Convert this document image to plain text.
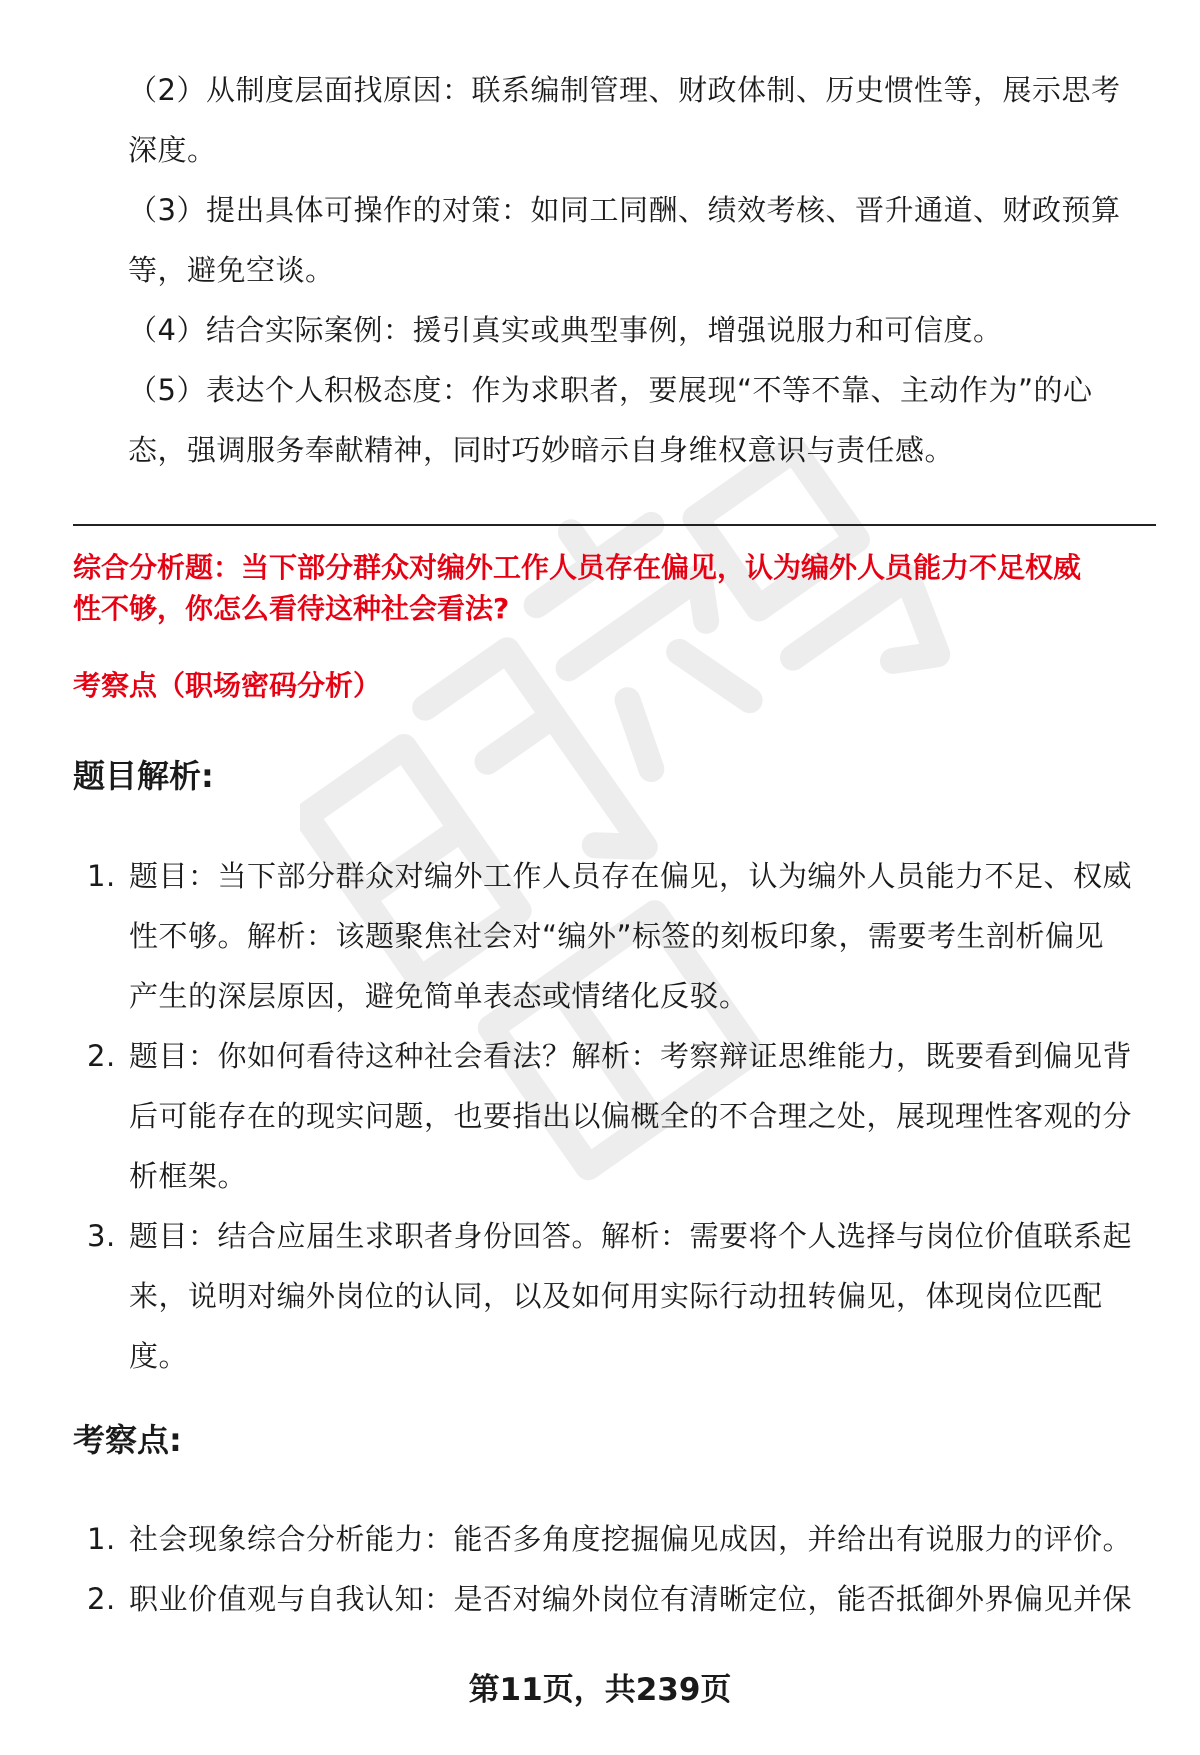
（2）从制度层面找原因：联系编制管理、财政体制、历史惯性等，展示思考
深度。
（3）提出具体可操作的对策：如同工同酬、绩效考核、晋升通道、财政预算
等，避免空谈。
（4）结合实际案例：援引真实或典型事例，增强说服力和可信度。
（5）表达个人积极态度：作为求职者，要展现“不等不靠、主动作为”的心
态，强调服务奉献精神，同时巧妙暗示自身维权意识与责任感。
综合分析题：当下部分群众对编外工作人员存在偏见，认为编外人员能力不足权威
性不够，你怎么看待这种社会看法?
考察点（职场密码分析）
题目解析:
1. 题目：当下部分群众对编外工作人员存在偏见，认为编外人员能力不足、权威
性不够。解析：该题聚焦社会对“编外”标签的刻板印象，需要考生剖析偏见
产生的深层原因，避免简单表态或情绪化反驳。
2. 题目：你如何看待这种社会看法？解析：考察辩证思维能力，既要看到偏见背
后可能存在的现实问题，也要指出以偏概全的不合理之处，展现理性客观的分
析框架。
3. 题目：结合应届生求职者身份回答。解析：需要将个人选择与岗位价值联系起
来，说明对编外岗位的认同，以及如何用实际行动扭转偏见，体现岗位匹配
度。
考察点:
1. 社会现象综合分析能力：能否多角度挖掘偏见成因，并给出有说服力的评价。
2. 职业价值观与自我认知：是否对编外岗位有清晰定位，能否抵御外界偏见并保
第11页，共239页
